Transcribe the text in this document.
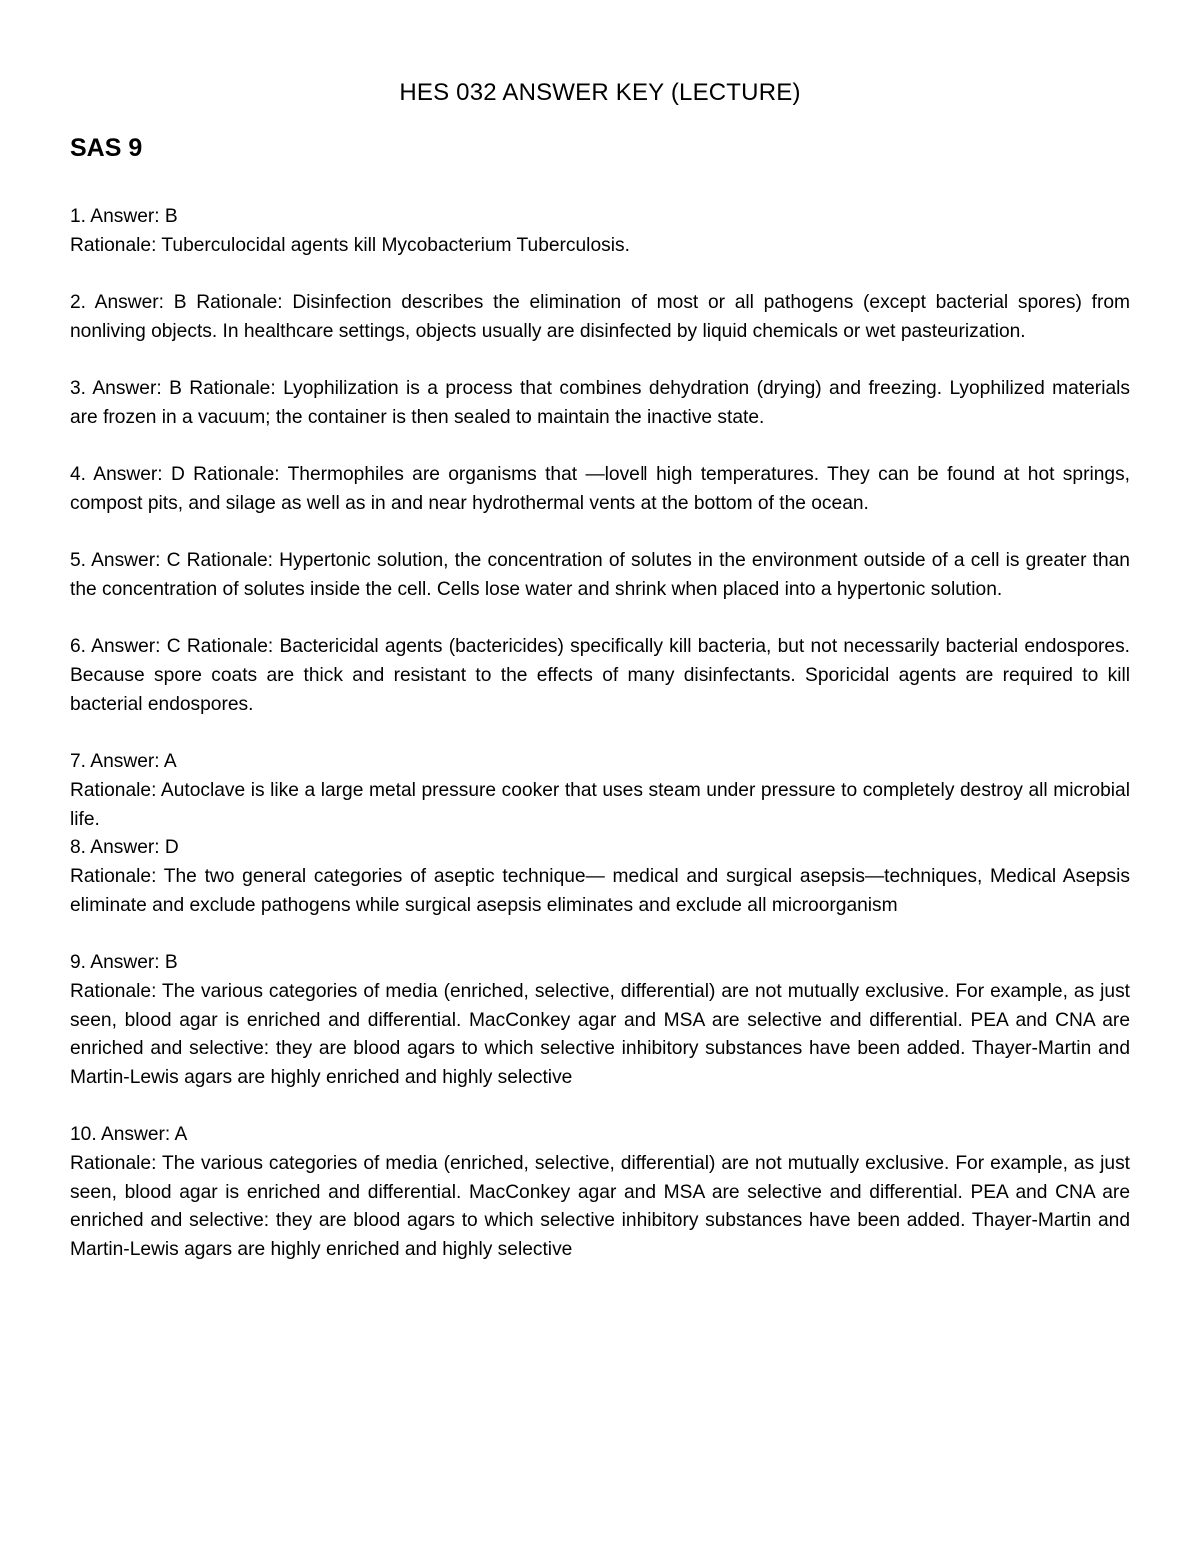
HES 032 ANSWER KEY (LECTURE)
SAS 9
1. Answer: B
Rationale: Tuberculocidal agents kill Mycobacterium Tuberculosis.
2. Answer: B Rationale: Disinfection describes the elimination of most or all pathogens (except bacterial spores) from nonliving objects. In healthcare settings, objects usually are disinfected by liquid chemicals or wet pasteurization.
3. Answer: B Rationale: Lyophilization is a process that combines dehydration (drying) and freezing. Lyophilized materials are frozen in a vacuum; the container is then sealed to maintain the inactive state.
4. Answer: D Rationale: Thermophiles are organisms that ―love‖ high temperatures. They can be found at hot springs, compost pits, and silage as well as in and near hydrothermal vents at the bottom of the ocean.
5. Answer: C Rationale: Hypertonic solution, the concentration of solutes in the environment outside of a cell is greater than the concentration of solutes inside the cell. Cells lose water and shrink when placed into a hypertonic solution.
6. Answer: C Rationale: Bactericidal agents (bactericides) specifically kill bacteria, but not necessarily bacterial endospores. Because spore coats are thick and resistant to the effects of many disinfectants. Sporicidal agents are required to kill bacterial endospores.
7. Answer: A
Rationale: Autoclave is like a large metal pressure cooker that uses steam under pressure to completely destroy all microbial life.
8. Answer: D
Rationale: The two general categories of aseptic technique— medical and surgical asepsis—techniques, Medical Asepsis eliminate and exclude pathogens while surgical asepsis eliminates and exclude all microorganism
9. Answer: B
Rationale: The various categories of media (enriched, selective, differential) are not mutually exclusive. For example, as just seen, blood agar is enriched and differential. MacConkey agar and MSA are selective and differential. PEA and CNA are enriched and selective: they are blood agars to which selective inhibitory substances have been added. Thayer-Martin and Martin-Lewis agars are highly enriched and highly selective
10. Answer: A
Rationale: The various categories of media (enriched, selective, differential) are not mutually exclusive. For example, as just seen, blood agar is enriched and differential. MacConkey agar and MSA are selective and differential. PEA and CNA are enriched and selective: they are blood agars to which selective inhibitory substances have been added. Thayer-Martin and Martin-Lewis agars are highly enriched and highly selective
